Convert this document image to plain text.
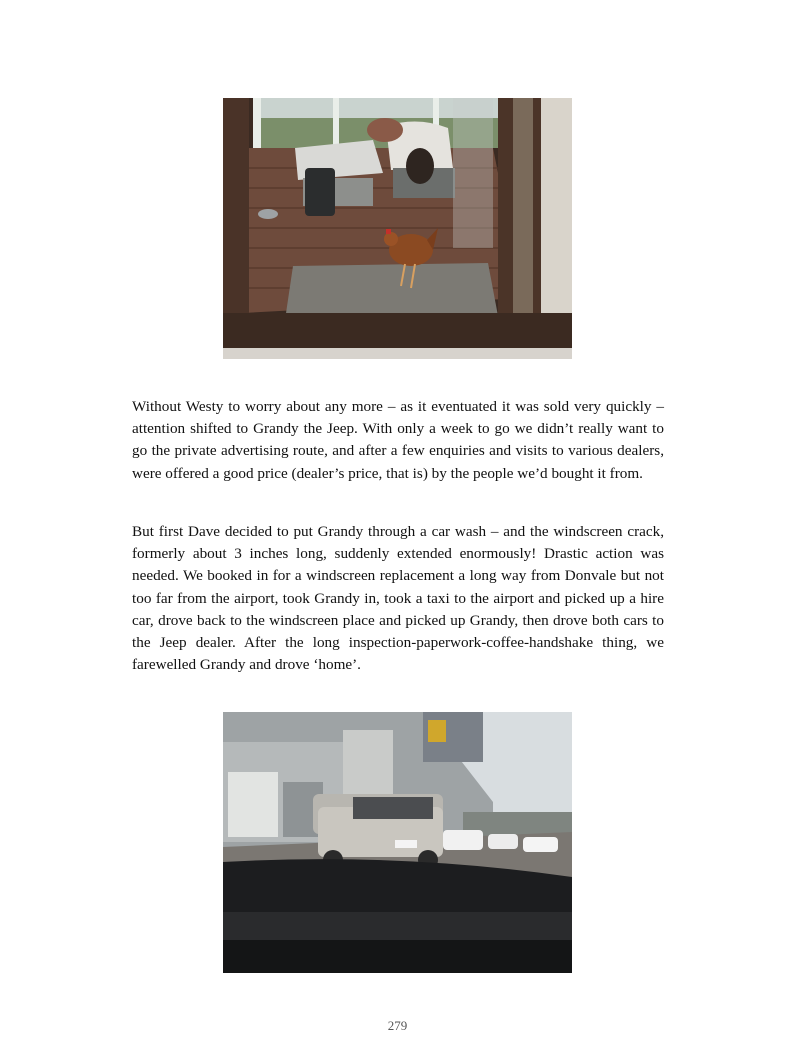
Without Westy to worry about any more – as it eventuated it was sold very quickly – attention shifted to Grandy the Jeep. With only a week to go we didn’t really want to go the private advertising route, and after a few enquiries and visits to various dealers, were offered a good price (dealer’s price, that is) by the people we’d bought it from.

But first Dave decided to put Grandy through a car wash – and the windscreen crack, formerly about 3 inches long, suddenly extended enormously! Drastic action was needed. We booked in for a windscreen replacement a long way from Donvale but not too far from the airport, took Grandy in, took a taxi to the airport and picked up a hire car, drove back to the windscreen place and picked up Grandy, then drove both cars to the Jeep dealer. After the long inspection-paperwork-coffee-handshake thing, we farewelled Grandy and drove ‘home’.

279
